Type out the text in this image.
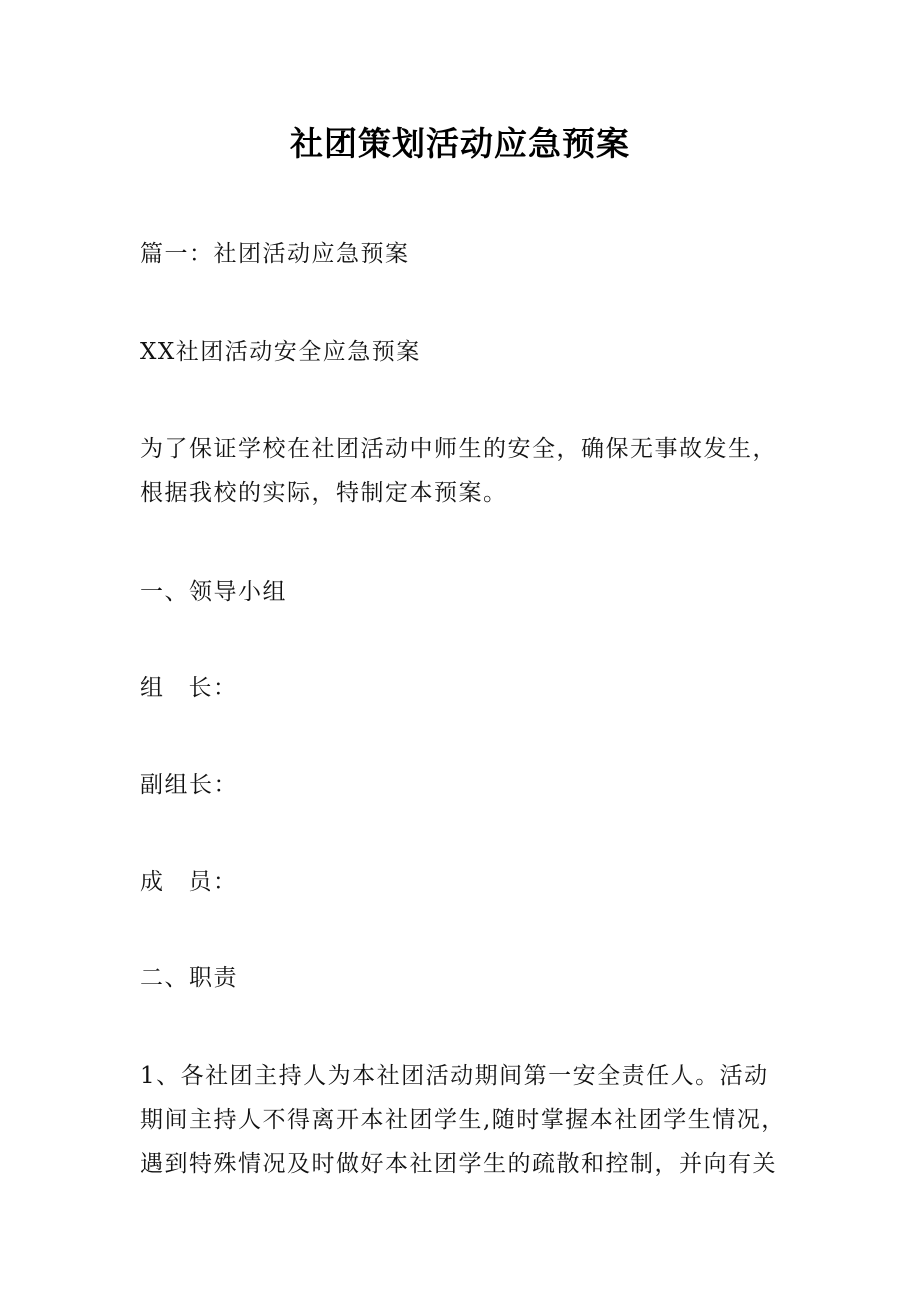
社团策划活动应急预案
篇一：社团活动应急预案
XX社团活动安全应急预案
为了保证学校在社团活动中师生的安全，确保无事故发生，
根据我校的实际，特制定本预案。
一、领导小组
组 长：
副组长：
成 员：
二、职责
1、各社团主持人为本社团活动期间第一安全责任人。活动
期间主持人不得离开本社团学生,随时掌握本社团学生情况，
遇到特殊情况及时做好本社团学生的疏散和控制，并向有关
